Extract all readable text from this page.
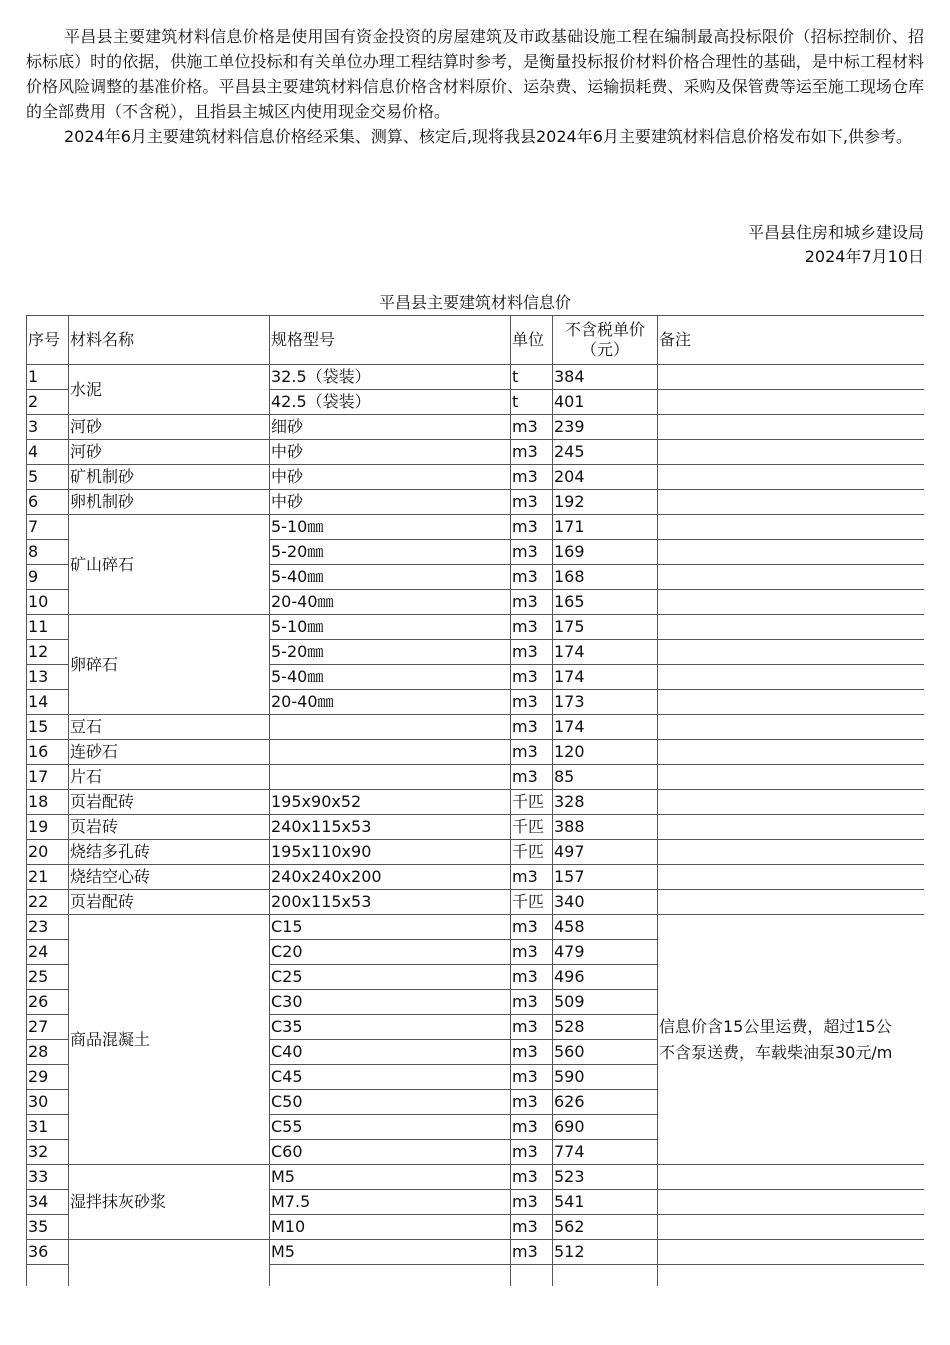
平昌县主要建筑材料信息价格是使用国有资金投资的房屋建筑及市政基础设施工程在编制最高投标限价（招标控制价、招标标底）时的依据，供施工单位投标和有关单位办理工程结算时参考，是衡量投标报价材料价格合理性的基础，是中标工程材料价格风险调整的基准价格。平昌县主要建筑材料信息价格含材料原价、运杂费、运输损耗费、采购及保管费等运至施工现场仓库的全部费用（不含税），且指县主城区内使用现金交易价格。

2024年6月主要建筑材料信息价格经采集、测算、核定后,现将我县2024年6月主要建筑材料信息价格发布如下,供参考。

平昌县住房和城乡建设局
2024年7月10日
平昌县主要建筑材料信息价
序号	材料名称	规格型号	单位	不含税单价（元）	备注
1	水泥	32.5（袋装）	t	384	
2		42.5（袋装）	t	401	
3	河砂	细砂	m3	239	
4	河砂	中砂	m3	245	
5	矿机制砂	中砂	m3	204	
6	卵机制砂	中砂	m3	192	
7	矿山碎石	5-10㎜	m3	171	
8		5-20㎜	m3	169	
9		5-40㎜	m3	168	
10		20-40㎜	m3	165	
11	卵碎石	5-10㎜	m3	175	
12		5-20㎜	m3	174	
13		5-40㎜	m3	174	
14		20-40㎜	m3	173	
15	豆石		m3	174	
16	连砂石		m3	120	
17	片石		m3	85	
18	页岩配砖	195x90x52	千匹	328	
19	页岩砖	240x115x53	千匹	388	
20	烧结多孔砖	195x110x90	千匹	497	
21	烧结空心砖	240x240x200	m3	157	
22	页岩配砖	200x115x53	千匹	340	
23	商品混凝土	C15	m3	458	信息价含15公里运费，超过15公
不含泵送费，车载柴油泵30元/m

24		C20	m3	479	
25		C25	m3	496	
26		C30	m3	509	
27		C35	m3	528	
28		C40	m3	560	
29		C45	m3	590	
30		C50	m3	626	
31		C55	m3	690	
32		C60	m3	774	
33	湿拌抹灰砂浆	M5	m3	523	
34		M7.5	m3	541	
35		M10	m3	562	
36		M5	m3	512	
